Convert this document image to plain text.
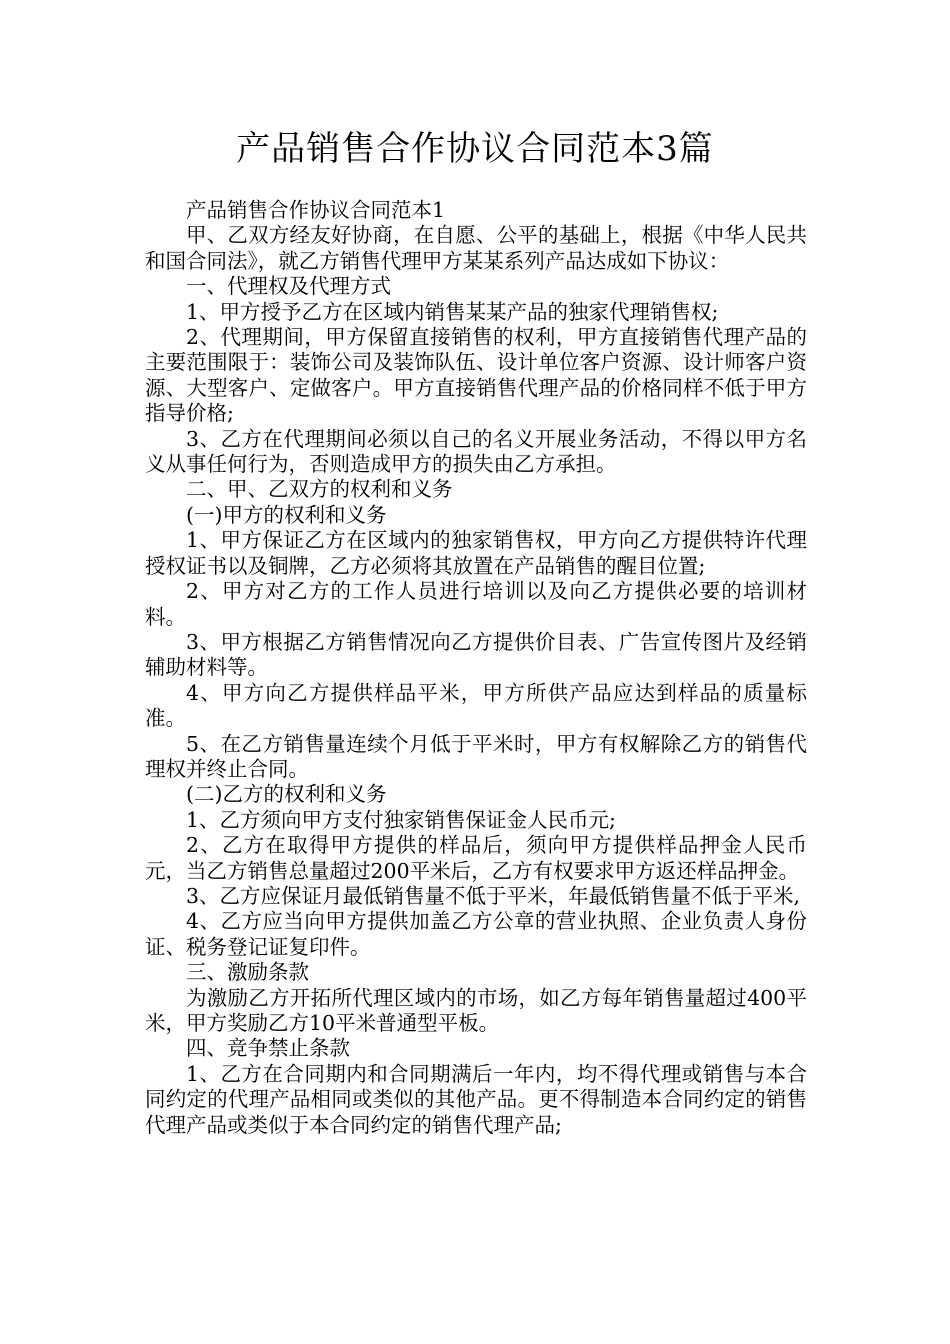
产品销售合作协议合同范本3篇

产品销售合作协议合同范本1

甲、乙双方经友好协商，在自愿、公平的基础上，根据《中华人民共和国合同法》，就乙方销售代理甲方某某系列产品达成如下协议：

一、代理权及代理方式

1、甲方授予乙方在区域内销售某某产品的独家代理销售权;

2、代理期间，甲方保留直接销售的权利，甲方直接销售代理产品的主要范围限于：装饰公司及装饰队伍、设计单位客户资源、设计师客户资源、大型客户、定做客户。甲方直接销售代理产品的价格同样不低于甲方指导价格;

3、乙方在代理期间必须以自己的名义开展业务活动，不得以甲方名义从事任何行为，否则造成甲方的损失由乙方承担。

二、甲、乙双方的权利和义务

(一)甲方的权利和义务

1、甲方保证乙方在区域内的独家销售权，甲方向乙方提供特许代理授权证书以及铜牌，乙方必须将其放置在产品销售的醒目位置;

2、甲方对乙方的工作人员进行培训以及向乙方提供必要的培训材料。

3、甲方根据乙方销售情况向乙方提供价目表、广告宣传图片及经销辅助材料等。

4、甲方向乙方提供样品平米，甲方所供产品应达到样品的质量标准。

5、在乙方销售量连续个月低于平米时，甲方有权解除乙方的销售代理权并终止合同。

(二)乙方的权利和义务

1、乙方须向甲方支付独家销售保证金人民币元;

2、乙方在取得甲方提供的样品后，须向甲方提供样品押金人民币元，当乙方销售总量超过200平米后，乙方有权要求甲方返还样品押金。

3、乙方应保证月最低销售量不低于平米，年最低销售量不低于平米,

4、乙方应当向甲方提供加盖乙方公章的营业执照、企业负责人身份证、税务登记证复印件。

三、激励条款

为激励乙方开拓所代理区域内的市场，如乙方每年销售量超过400平米，甲方奖励乙方10平米普通型平板。

四、竞争禁止条款

1、乙方在合同期内和合同期满后一年内，均不得代理或销售与本合同约定的代理产品相同或类似的其他产品。更不得制造本合同约定的销售代理产品或类似于本合同约定的销售代理产品;
